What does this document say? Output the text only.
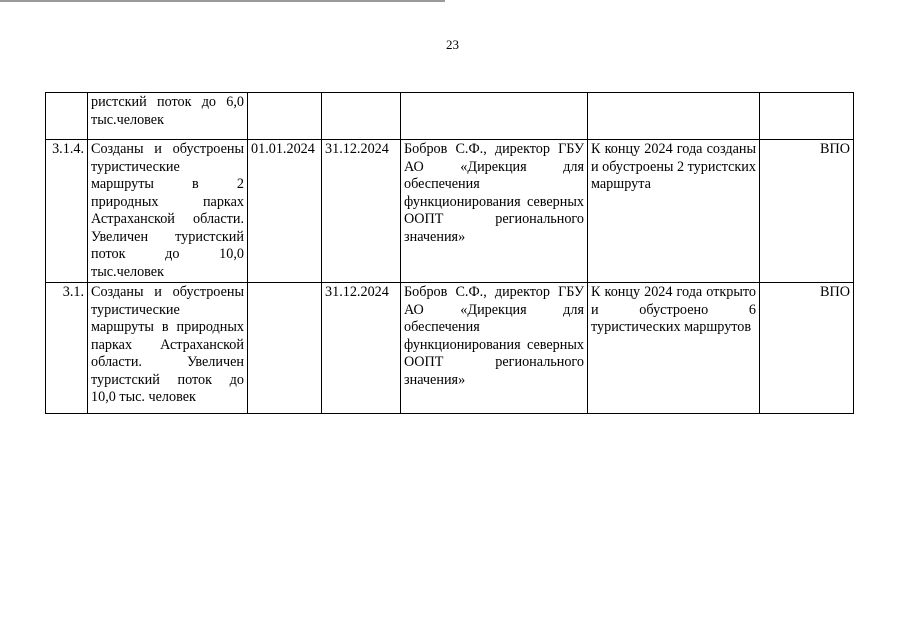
23
	ристский поток до 6,0 тыс.человек					
3.1.4.	Созданы и обустроены туристические маршруты в 2 природных парках Астраханской области. Увеличен туристский поток до 10,0 тыс.человек	01.01.2024	31.12.2024	Бобров С.Ф., директор ГБУ АО «Дирекция для обеспечения функционирования северных ООПТ регионального значения»	К концу 2024 года созданы и обустроены 2 туристских маршрута	ВПО
3.1.	Созданы и обустроены туристические маршруты в природных парках Астраханской области. Увеличен туристский поток до 10,0 тыс. человек		31.12.2024	Бобров С.Ф., директор ГБУ АО «Дирекция для обеспечения функционирования северных ООПТ регионального значения»	К концу 2024 года открыто и обустроено 6 туристических маршрутов	ВПО
